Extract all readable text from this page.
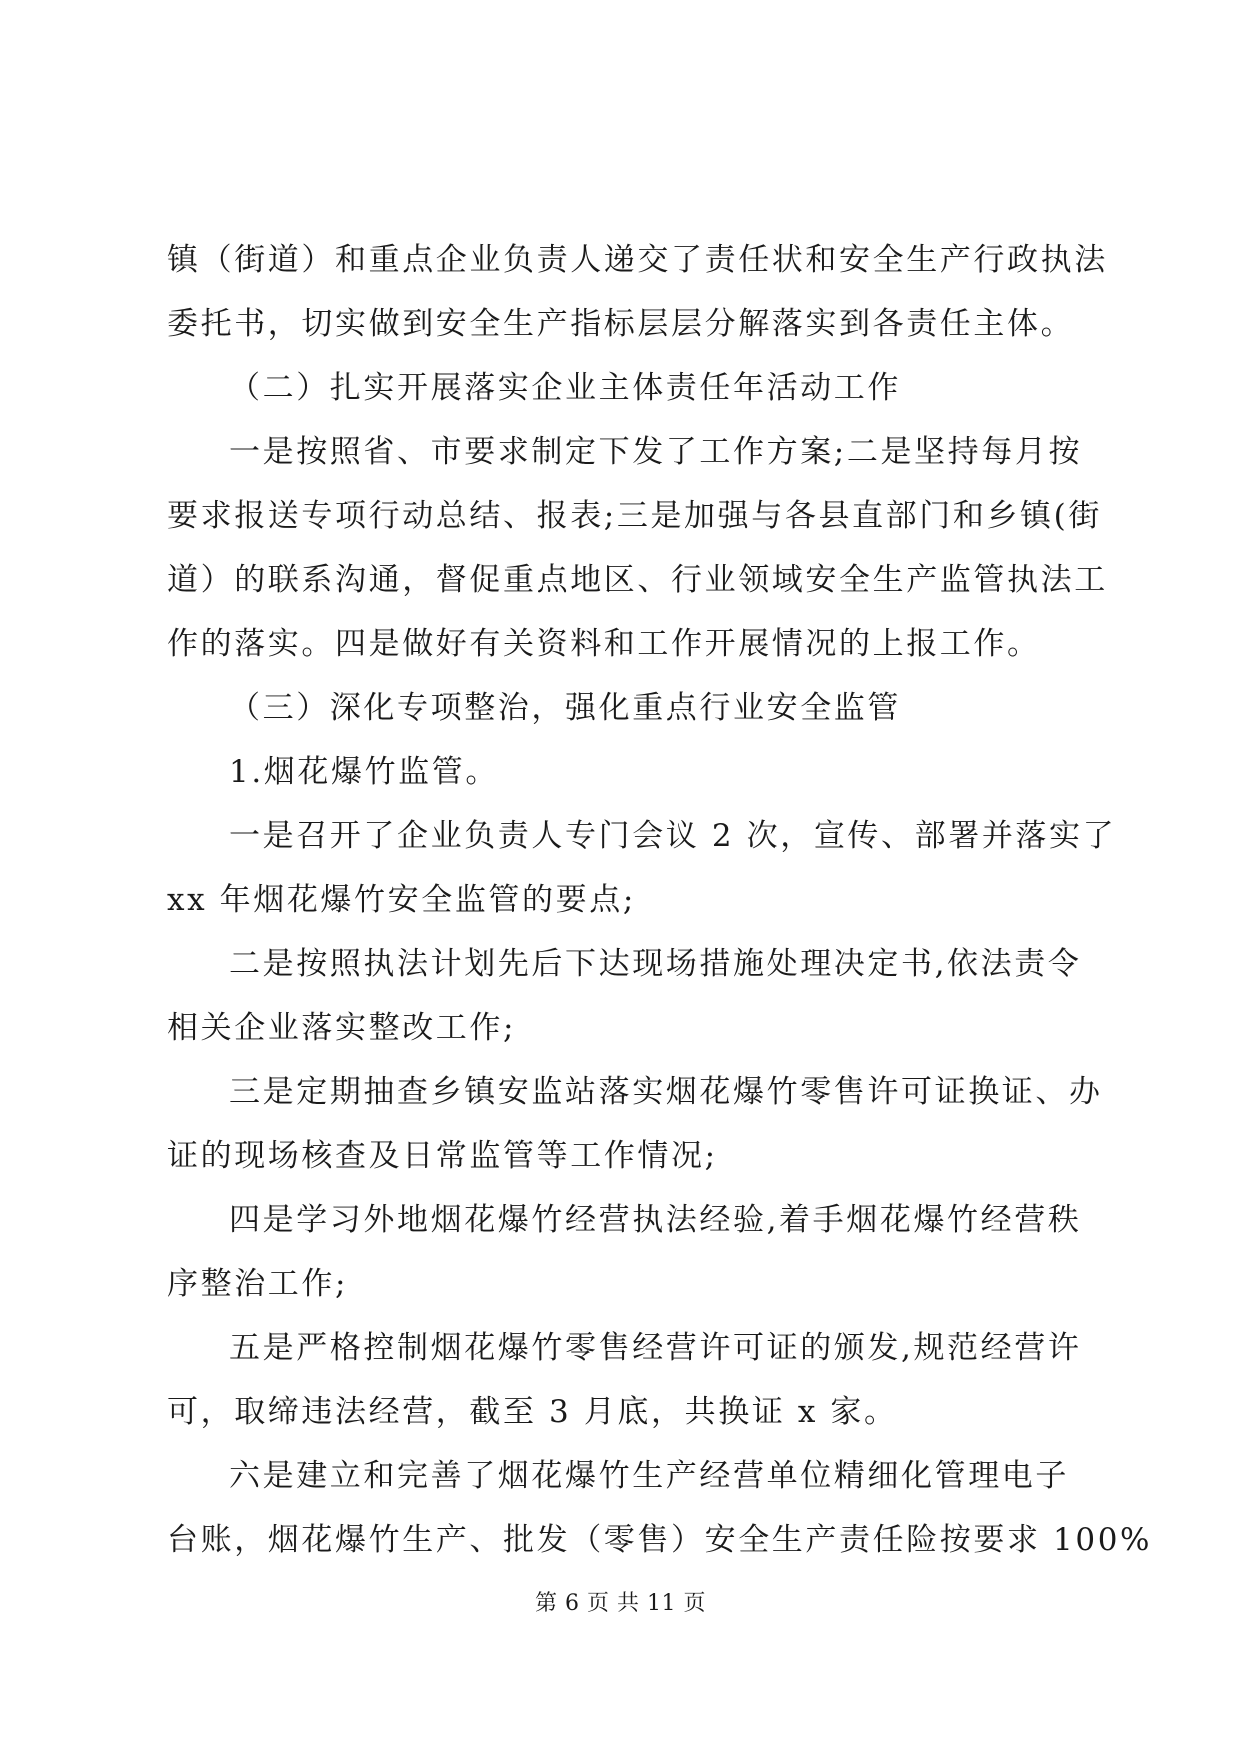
镇（街道）和重点企业负责人递交了责任状和安全生产行政执法
委托书，切实做到安全生产指标层层分解落实到各责任主体。
（二）扎实开展落实企业主体责任年活动工作
一是按照省、市要求制定下发了工作方案;二是坚持每月按
要求报送专项行动总结、报表;三是加强与各县直部门和乡镇(街
道）的联系沟通，督促重点地区、行业领域安全生产监管执法工
作的落实。四是做好有关资料和工作开展情况的上报工作。
（三）深化专项整治，强化重点行业安全监管
1.烟花爆竹监管。
一是召开了企业负责人专门会议 2 次，宣传、部署并落实了
xx 年烟花爆竹安全监管的要点;
二是按照执法计划先后下达现场措施处理决定书,依法责令
相关企业落实整改工作;
三是定期抽查乡镇安监站落实烟花爆竹零售许可证换证、办
证的现场核查及日常监管等工作情况;
四是学习外地烟花爆竹经营执法经验,着手烟花爆竹经营秩
序整治工作;
五是严格控制烟花爆竹零售经营许可证的颁发,规范经营许
可，取缔违法经营，截至 3 月底，共换证 x 家。
六是建立和完善了烟花爆竹生产经营单位精细化管理电子
台账，烟花爆竹生产、批发（零售）安全生产责任险按要求 100%
第 6 页 共 11 页
